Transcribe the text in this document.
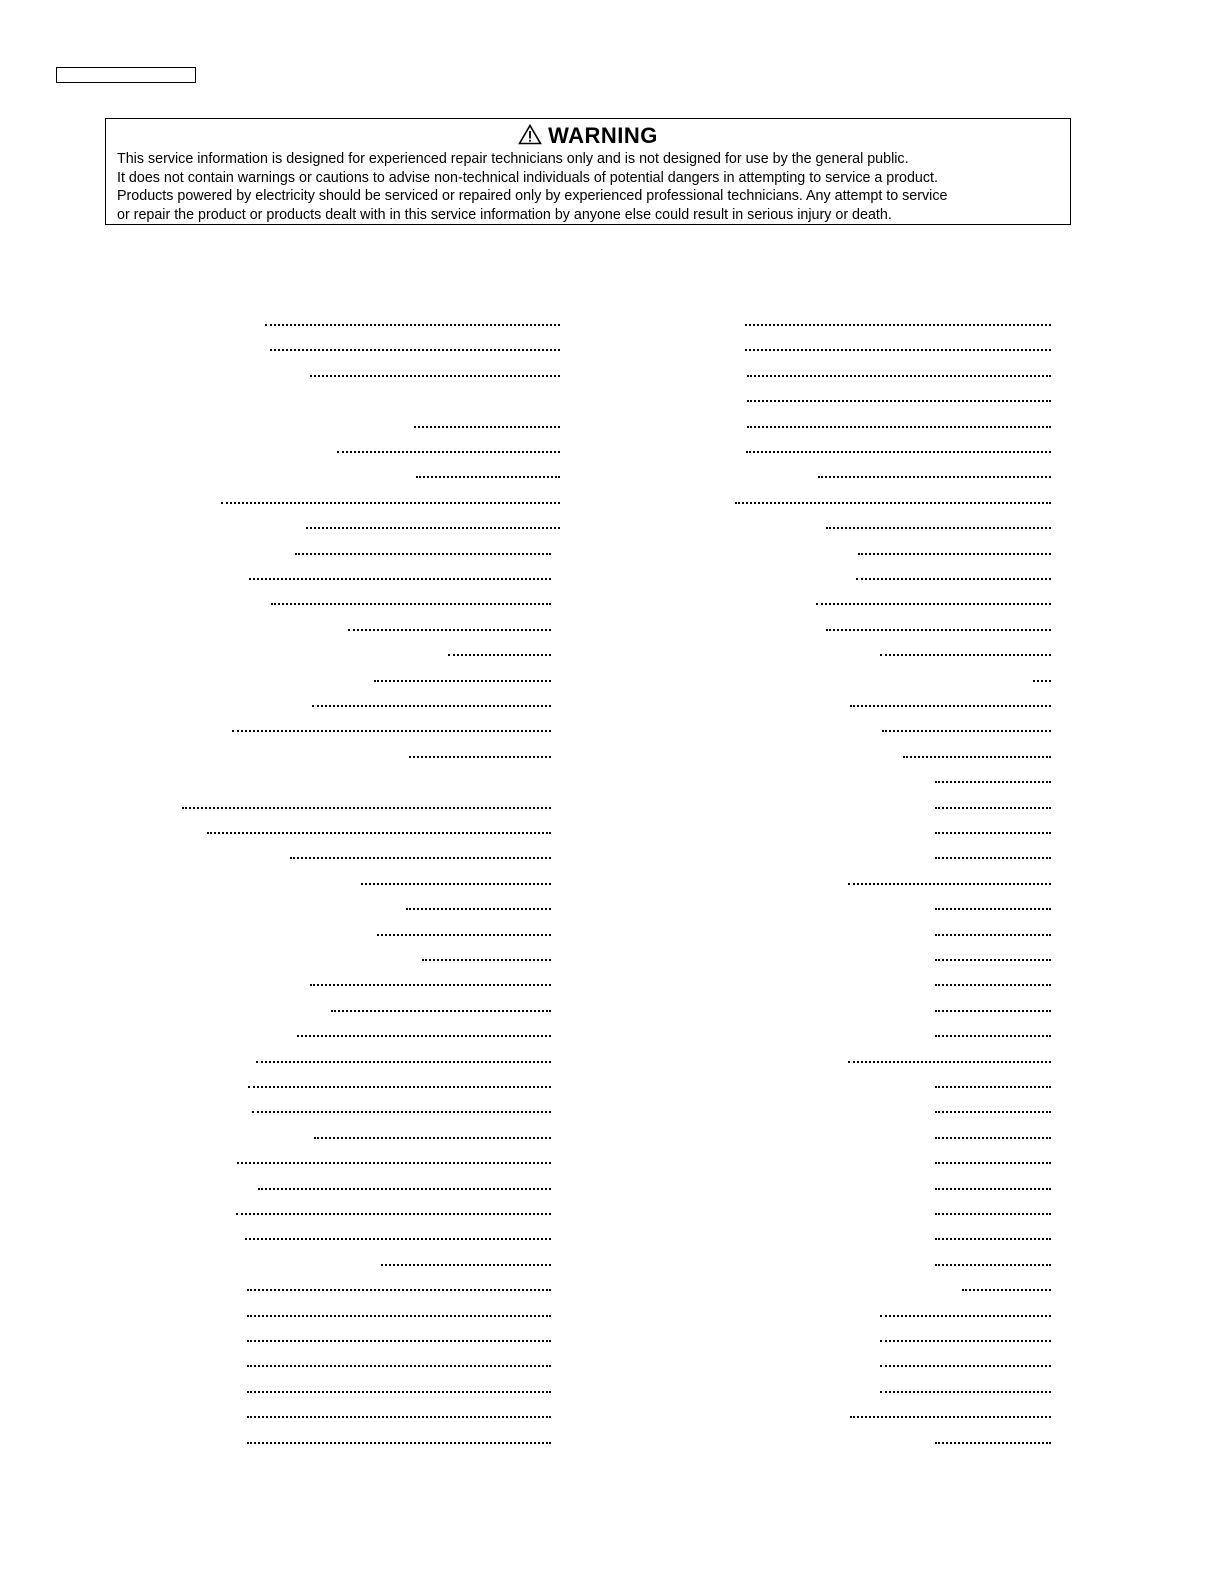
WARNING
This service information is designed for experienced repair technicians only and is not designed for use by the general public.
It does not contain warnings or cautions to advise non-technical individuals of potential dangers in attempting to service a product.
Products powered by electricity should be serviced or repaired only by experienced professional technicians. Any attempt to service
or repair the product or products dealt with in this service information by anyone else could result in serious injury or death.
